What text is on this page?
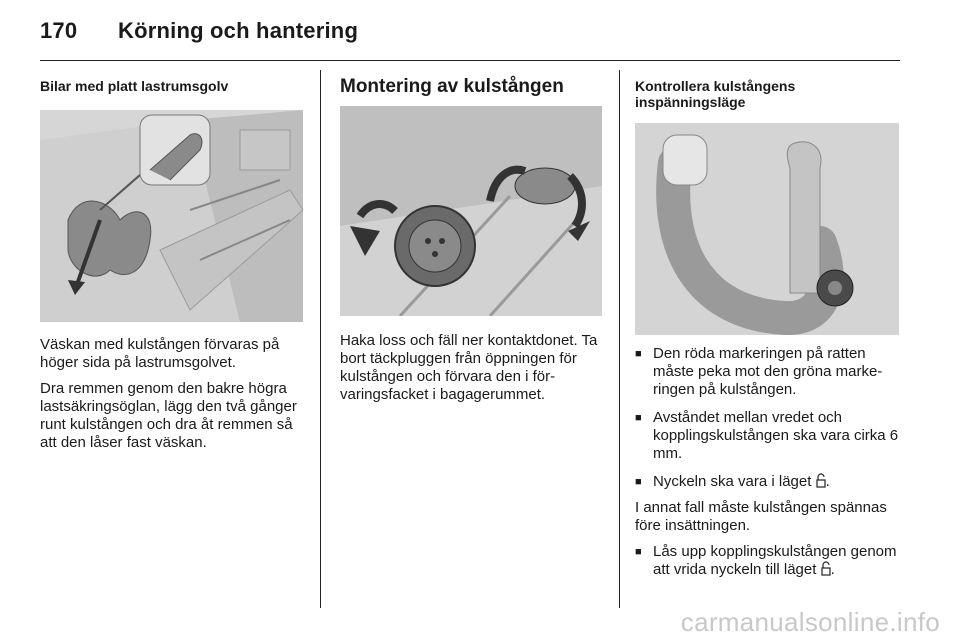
170 Körning och hantering
Bilar med platt lastrumsgolv

Väskan med kulstången förvaras på höger sida på lastrumsgolvet.

Dra remmen genom den bakre högra lastsäkringsöglan, lägg den två gånger runt kulstången och dra åt remmen så att den låser fast väskan.

Montering av kulstången

Haka loss och fäll ner kontaktdonet. Ta bort täckpluggen från öppningen för kulstången och förvara den i för-varingsfacket i bagagerummet.

Kontrollera kulstångens inspänningsläge
■ Den röda markeringen på ratten måste peka mot den gröna marke-ringen på kulstången.
■ Avståndet mellan vredet och kopplingskulstången ska vara cirka 6 mm.
■ Nyckeln ska vara i läget .

I annat fall måste kulstången spännas före insättningen.

■ Lås upp kopplingskulstången genom att vrida nyckeln till läget .
carmanualsonline.info
